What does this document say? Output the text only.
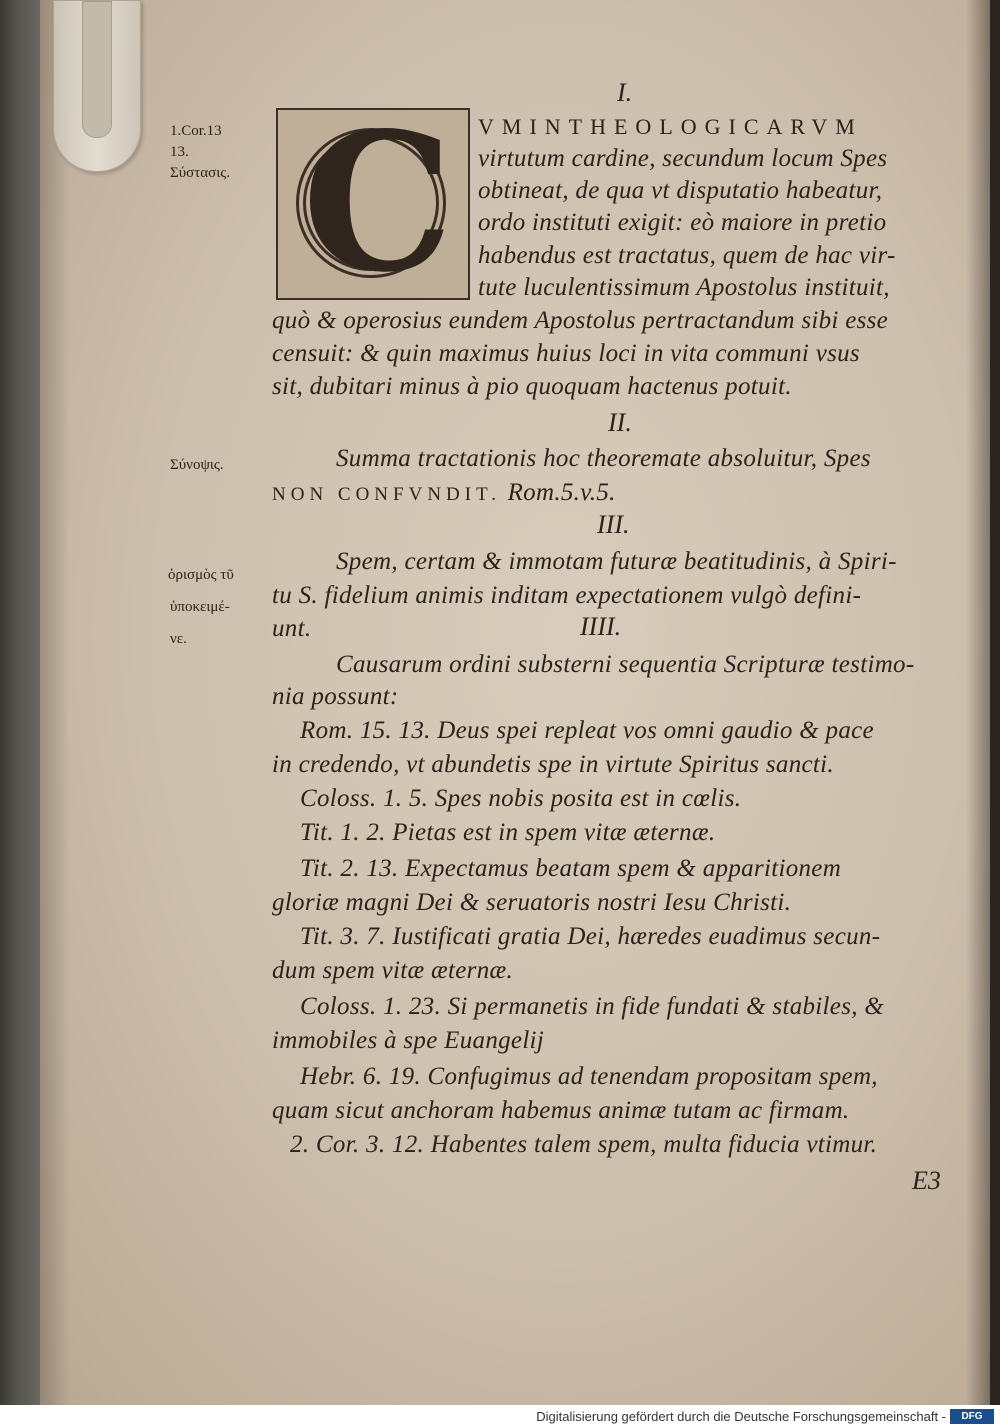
I.
1.Cor.13
13.
Σύστασις. C VMINTHEOLOGICARVM
virtutum cardine, secundum locum Spes
obtineat, de qua vt disputatio habeatur,
ordo instituti exigit: eò maiore in pretio
habendus est tractatus, quem de hac vir-
tute luculentissimum Apostolus instituit,
quò & operosius eundem Apostolus pertractandum sibi esse
censuit: & quin maximus huius loci in vita communi vsus
sit, dubitari minus à pio quoquam hactenus potuit.
II.
Σύνοψις.	Summa tractationis hoc theoremate absoluitur, Spes
NON CONFVNDIT. Rom.5.v.5.
III.
ὁρισμὸς τῦ
ὑποκειμέ-
νε.
Spem, certam & immotam futuræ beatitudinis, à Spiri-
tu S. fidelium animis inditam expectationem vulgò defini-
unt.	IIII.
Causarum ordini substerni sequentia Scripturæ testimo-
nia possunt:
Rom. 15. 13. Deus spei repleat vos omni gaudio & pace
in credendo, vt abundetis spe in virtute Spiritus sancti.
Coloss. 1. 5. Spes nobis posita est in cœlis.
Tit. 1. 2. Pietas est in spem vitæ æternæ.
Tit. 2. 13. Expectamus beatam spem & apparitionem
gloriæ magni Dei & seruatoris nostri Iesu Christi.
Tit. 3. 7. Iustificati gratia Dei, hæredes euadimus secun-
dum spem vitæ æternæ.
Coloss. 1. 23. Si permanetis in fide fundati & stabiles, &
immobiles à spe Euangelij
Hebr. 6. 19. Confugimus ad tenendam propositam spem,
quam sicut anchoram habemus animæ tutam ac firmam.
2. Cor. 3. 12. Habentes talem spem, multa fiducia vtimur.
E3
Digitalisierung gefördert durch die Deutsche Forschungsgemeinschaft -	DFG
